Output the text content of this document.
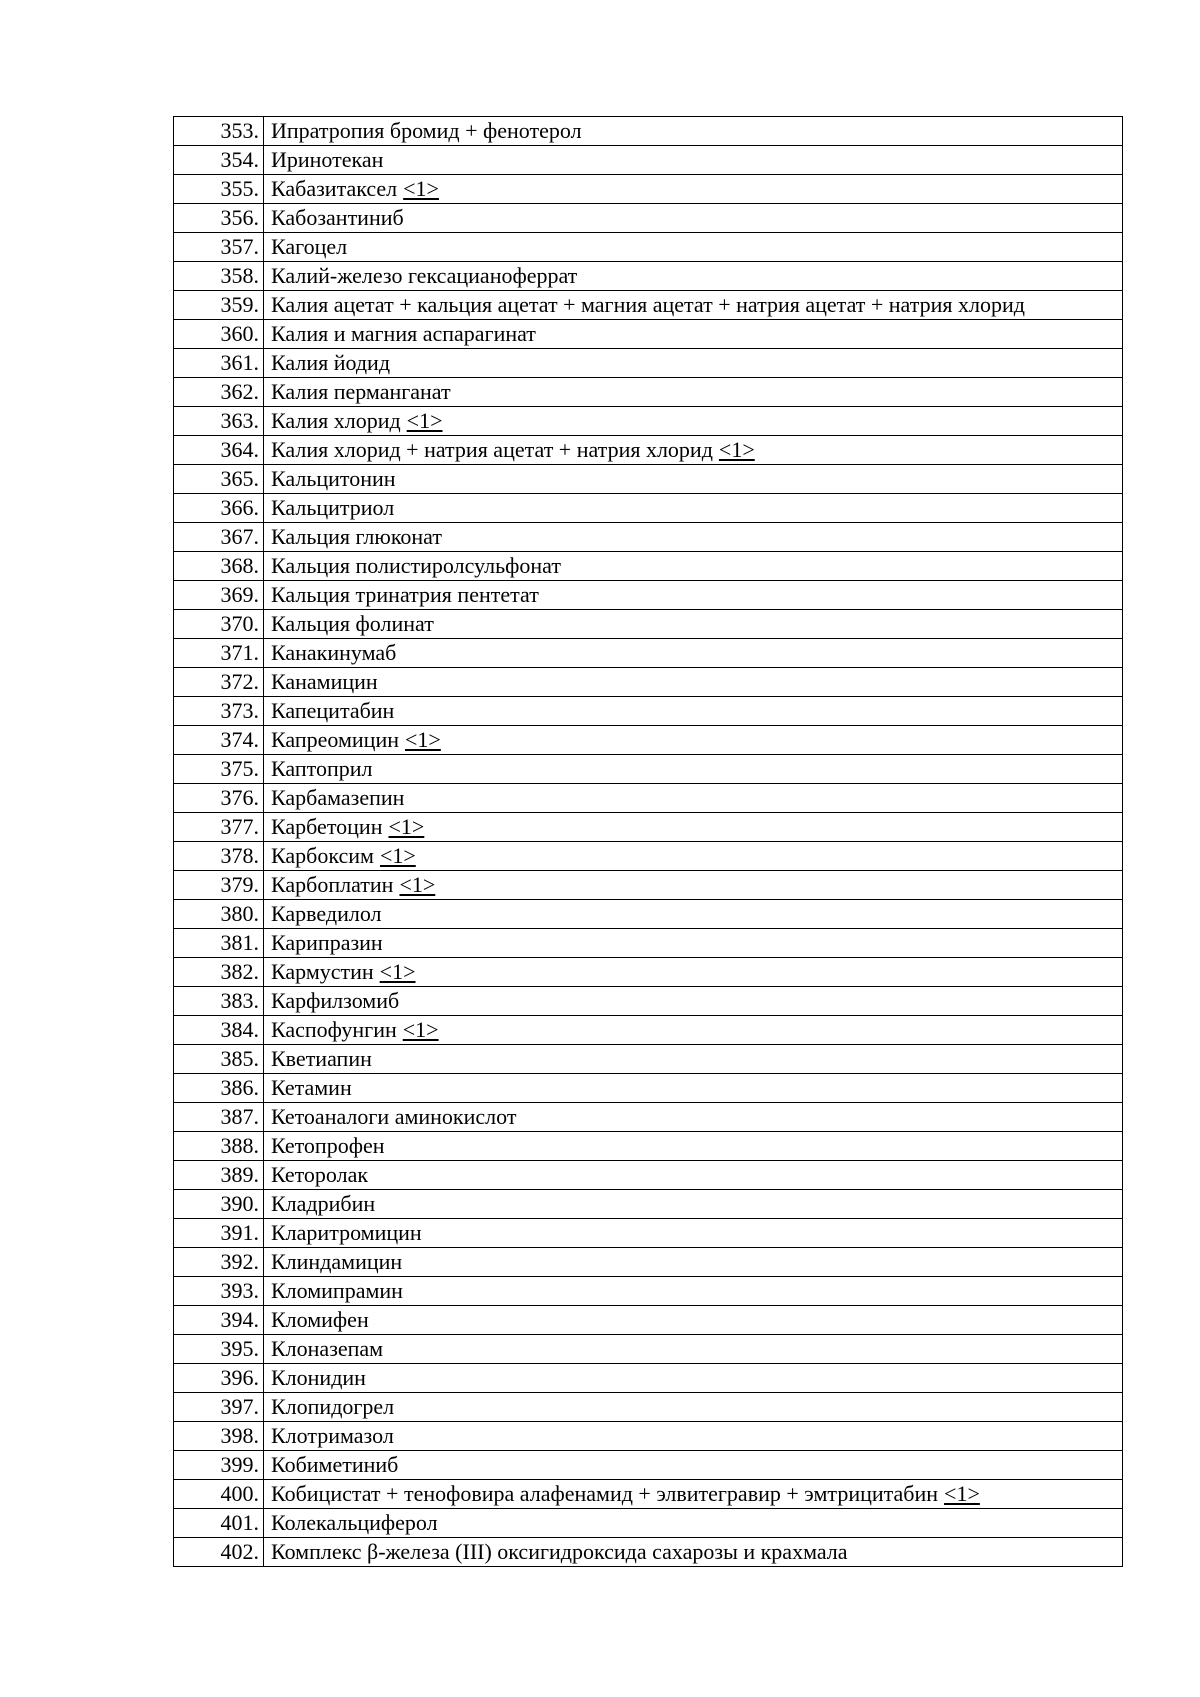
353.	Ипратропия бромид + фенотерол
354.	Иринотекан
355.	Кабазитаксел <1>
356.	Кабозантиниб
357.	Кагоцел
358.	Калий-железо гексацианоферрат
359.	Калия ацетат + кальция ацетат + магния ацетат + натрия ацетат + натрия хлорид
360.	Калия и магния аспарагинат
361.	Калия йодид
362.	Калия перманганат
363.	Калия хлорид <1>
364.	Калия хлорид + натрия ацетат + натрия хлорид <1>
365.	Кальцитонин
366.	Кальцитриол
367.	Кальция глюконат
368.	Кальция полистиролсульфонат
369.	Кальция тринатрия пентетат
370.	Кальция фолинат
371.	Канакинумаб
372.	Канамицин
373.	Капецитабин
374.	Капреомицин <1>
375.	Каптоприл
376.	Карбамазепин
377.	Карбетоцин <1>
378.	Карбоксим <1>
379.	Карбоплатин <1>
380.	Карведилол
381.	Карипразин
382.	Кармустин <1>
383.	Карфилзомиб
384.	Каспофунгин <1>
385.	Кветиапин
386.	Кетамин
387.	Кетоаналоги аминокислот
388.	Кетопрофен
389.	Кеторолак
390.	Кладрибин
391.	Кларитромицин
392.	Клиндамицин
393.	Кломипрамин
394.	Кломифен
395.	Клоназепам
396.	Клонидин
397.	Клопидогрел
398.	Клотримазол
399.	Кобиметиниб
400.	Кобицистат + тенофовира алафенамид + элвитегравир + эмтрицитабин <1>
401.	Колекальциферол
402.	Комплекс β-железа (III) оксигидроксида сахарозы и крахмала
